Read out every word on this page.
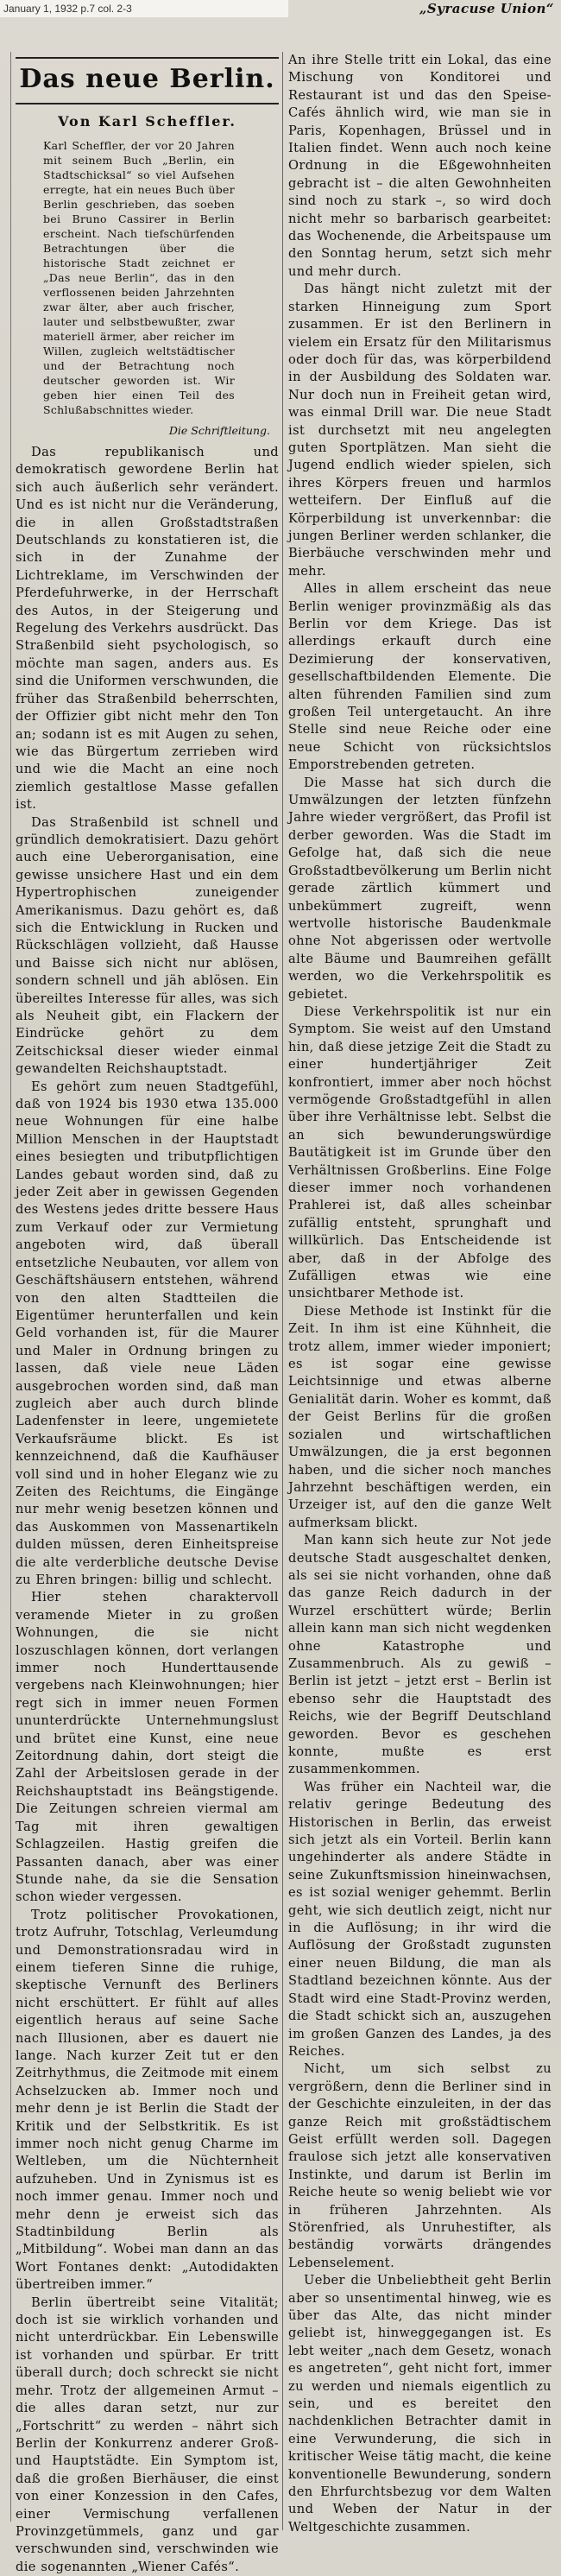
January 1, 1932 p.7 col. 2-3	„Syracuse Union“
Das neue Berlin.
Von Karl Scheffler.
Karl Scheffler, der vor 20 Jahren mit seinem Buch „Berlin, ein Stadtschicksal“ so viel Aufsehen erregte, hat ein neues Buch über Berlin geschrieben, das soeben bei Bruno Cassirer in Berlin erscheint. Nach tiefschürfenden Betrachtungen über die historische Stadt zeichnet er „Das neue Berlin“, das in den verflossenen beiden Jahrzehnten zwar älter, aber auch frischer, lauter und selbstbewußter, zwar materiell ärmer, aber reicher im Willen, zugleich weltstädtischer und der Betrachtung noch deutscher geworden ist. Wir geben hier einen Teil des Schlußabschnittes wieder.
Die Schriftleitung.

Das republikanisch und demokratisch gewordene Berlin hat sich auch äußerlich sehr verändert. Und es ist nicht nur die Veränderung, die in allen Großstadtstraßen Deutschlands zu konstatieren ist, die sich in der Zunahme der Lichtreklame, im Verschwinden der Pferdefuhrwerke, in der Herrschaft des Autos, in der Steigerung und Regelung des Verkehrs ausdrückt. Das Straßenbild sieht psychologisch, so möchte man sagen, anders aus. Es sind die Uniformen verschwunden, die früher das Straßenbild beherrschten, der Offizier gibt nicht mehr den Ton an; sodann ist es mit Augen zu sehen, wie das Bürgertum zerrieben wird und wie die Macht an eine noch ziemlich gestaltlose Masse gefallen ist.

Das Straßenbild ist schnell und gründlich demokratisiert. Dazu gehört auch eine Ueberorganisation, eine gewisse unsichere Hast und ein dem Hypertrophischen zuneigender Amerikanismus. Dazu gehört es, daß sich die Entwicklung in Rucken und Rückschlägen vollzieht, daß Hausse und Baisse sich nicht nur ablösen, sondern schnell und jäh ablösen. Ein übereiltes Interesse für alles, was sich als Neuheit gibt, ein Flackern der Eindrücke gehört zu dem Zeitschicksal dieser wieder einmal gewandelten Reichshauptstadt.

Es gehört zum neuen Stadtgefühl, daß von 1924 bis 1930 etwa 135.000 neue Wohnungen für eine halbe Million Menschen in der Hauptstadt eines besiegten und tributpflichtigen Landes gebaut worden sind, daß zu jeder Zeit aber in gewissen Gegenden des Westens jedes dritte bessere Haus zum Verkauf oder zur Vermietung angeboten wird, daß überall entsetzliche Neubauten, vor allem von Geschäftshäusern entstehen, während von den alten Stadtteilen die Eigentümer herunterfallen und kein Geld vorhanden ist, für die Maurer und Maler in Ordnung bringen zu lassen, daß viele neue Läden ausgebrochen worden sind, daß man zugleich aber auch durch blinde Ladenfenster in leere, ungemietete Verkaufsräume blickt. Es ist kennzeichnend, daß die Kaufhäuser voll sind und in hoher Eleganz wie zu Zeiten des Reichtums, die Eingänge nur mehr wenig besetzen können und das Auskommen von Massenartikeln dulden müssen, deren Einheitspreise die alte verderbliche deutsche Devise zu Ehren bringen: billig und schlecht.

Hier stehen charaktervoll veramende Mieter in zu großen Wohnungen, die sie nicht loszuschlagen können, dort verlangen immer noch Hunderttausende vergebens nach Kleinwohnungen; hier regt sich in immer neuen Formen ununterdrückte Unternehmungslust und brütet eine Kunst, eine neue Zeitordnung dahin, dort steigt die Zahl der Arbeitslosen gerade in der Reichshauptstadt ins Beängstigende. Die Zeitungen schreien viermal am Tag mit ihren gewaltigen Schlagzeilen. Hastig greifen die Passanten danach, aber was einer Stunde nahe, da sie die Sensation schon wieder vergessen.

Trotz politischer Provokationen, trotz Aufruhr, Totschlag, Verleumdung und Demonstrationsradau wird in einem tieferen Sinne die ruhige, skeptische Vernunft des Berliners nicht erschüttert. Er fühlt auf alles eigentlich heraus auf seine Sache nach Illusionen, aber es dauert nie lange. Nach kurzer Zeit tut er den Zeitrhythmus, die Zeitmode mit einem Achselzucken ab. Immer noch und mehr denn je ist Berlin die Stadt der Kritik und der Selbstkritik. Es ist immer noch nicht genug Charme im Weltleben, um die Nüchternheit aufzuheben. Und in Zynismus ist es noch immer genau. Immer noch und mehr denn je erweist sich das Stadtinbildung Berlin als „Mitbildung“. Wobei man dann an das Wort Fontanes denkt: „Autodidakten übertreiben immer.“

Berlin übertreibt seine Vitalität; doch ist sie wirklich vorhanden und nicht unterdrückbar. Ein Lebenswille ist vorhanden und spürbar. Er tritt überall durch; doch schreckt sie nicht mehr. Trotz der allgemeinen Armut – die alles daran setzt, nur zur „Fortschritt“ zu werden – nährt sich Berlin der Konkurrenz anderer Groß- und Hauptstädte. Ein Symptom ist, daß die großen Bierhäuser, die einst von einer Konzession in den Cafes, einer Vermischung verfallenen Provinzgetümmels, ganz und gar verschwunden sind, verschwinden wie die sogenannten „Wiener Cafés“.

An ihre Stelle tritt ein Lokal, das eine Mischung von Konditorei und Restaurant ist und das den Speise-Cafés ähnlich wird, wie man sie in Paris, Kopenhagen, Brüssel und in Italien findet. Wenn auch noch keine Ordnung in die Eßgewohnheiten gebracht ist – die alten Gewohnheiten sind noch zu stark –, so wird doch nicht mehr so barbarisch gearbeitet: das Wochenende, die Arbeitspause um den Sonntag herum, setzt sich mehr und mehr durch.

Das hängt nicht zuletzt mit der starken Hinneigung zum Sport zusammen. Er ist den Berlinern in vielem ein Ersatz für den Militarismus oder doch für das, was körperbildend in der Ausbildung des Soldaten war. Nur doch nun in Freiheit getan wird, was einmal Drill war. Die neue Stadt ist durchsetzt mit neu angelegten guten Sportplätzen. Man sieht die Jugend endlich wieder spielen, sich ihres Körpers freuen und harmlos wetteifern. Der Einfluß auf die Körperbildung ist unverkennbar: die jungen Berliner werden schlanker, die Bierbäuche verschwinden mehr und mehr.

Alles in allem erscheint das neue Berlin weniger provinzmäßig als das Berlin vor dem Kriege. Das ist allerdings erkauft durch eine Dezimierung der konservativen, gesellschaftbildenden Elemente. Die alten führenden Familien sind zum großen Teil untergetaucht. An ihre Stelle sind neue Reiche oder eine neue Schicht von rücksichtslos Emporstrebenden getreten.

Die Masse hat sich durch die Umwälzungen der letzten fünfzehn Jahre wieder vergrößert, das Profil ist derber geworden. Was die Stadt im Gefolge hat, daß sich die neue Großstadtbevölkerung um Berlin nicht gerade zärtlich kümmert und unbekümmert zugreift, wenn wertvolle historische Baudenkmale ohne Not abgerissen oder wertvolle alte Bäume und Baumreihen gefällt werden, wo die Verkehrspolitik es gebietet.

Diese Verkehrspolitik ist nur ein Symptom. Sie weist auf den Umstand hin, daß diese jetzige Zeit die Stadt zu einer hundertjähriger Zeit konfrontiert, immer aber noch höchst vermögende Großstadtgefühl in allen über ihre Verhältnisse lebt. Selbst die an sich bewunderungswürdige Bautätigkeit ist im Grunde über den Verhältnissen Großberlins. Eine Folge dieser immer noch vorhandenen Prahlerei ist, daß alles scheinbar zufällig entsteht, sprunghaft und willkürlich. Das Entscheidende ist aber, daß in der Abfolge des Zufälligen etwas wie eine unsichtbarer Methode ist.

Diese Methode ist Instinkt für die Zeit. In ihm ist eine Kühnheit, die trotz allem, immer wieder imponiert; es ist sogar eine gewisse Leichtsinnige und etwas alberne Genialität darin. Woher es kommt, daß der Geist Berlins für die großen sozialen und wirtschaftlichen Umwälzungen, die ja erst begonnen haben, und die sicher noch manches Jahrzehnt beschäftigen werden, ein Urzeiger ist, auf den die ganze Welt aufmerksam blickt.

Man kann sich heute zur Not jede deutsche Stadt ausgeschaltet denken, als sei sie nicht vorhanden, ohne daß das ganze Reich dadurch in der Wurzel erschüttert würde; Berlin allein kann man sich nicht wegdenken ohne Katastrophe und Zusammenbruch. Als zu gewiß – Berlin ist jetzt – jetzt erst – Berlin ist ebenso sehr die Hauptstadt des Reichs, wie der Begriff Deutschland geworden. Bevor es geschehen konnte, mußte es erst zusammenkommen.

Was früher ein Nachteil war, die relativ geringe Bedeutung des Historischen in Berlin, das erweist sich jetzt als ein Vorteil. Berlin kann ungehinderter als andere Städte in seine Zukunftsmission hineinwachsen, es ist sozial weniger gehemmt. Berlin geht, wie sich deutlich zeigt, nicht nur in die Auflösung; in ihr wird die Auflösung der Großstadt zugunsten einer neuen Bildung, die man als Stadtland bezeichnen könnte. Aus der Stadt wird eine Stadt-Provinz werden, die Stadt schickt sich an, auszugehen im großen Ganzen des Landes, ja des Reiches.

Nicht, um sich selbst zu vergrößern, denn die Berliner sind in der Geschichte einzuleiten, in der das ganze Reich mit großstädtischem Geist erfüllt werden soll. Dagegen fraulose sich jetzt alle konservativen Instinkte, und darum ist Berlin im Reiche heute so wenig beliebt wie vor in früheren Jahrzehnten. Als Störenfried, als Unruhestifter, als beständig vorwärts drängendes Lebenselement.

Ueber die Unbeliebtheit geht Berlin aber so unsentimental hinweg, wie es über das Alte, das nicht minder geliebt ist, hinweggegangen ist. Es lebt weiter „nach dem Gesetz, wonach es angetreten“, geht nicht fort, immer zu werden und niemals eigentlich zu sein, und es bereitet den nachdenklichen Betrachter damit in eine Verwunderung, die sich in kritischer Weise tätig macht, die keine konventionelle Bewunderung, sondern den Ehrfurchtsbezug vor dem Walten und Weben der Natur in der Weltgeschichte zusammen.
